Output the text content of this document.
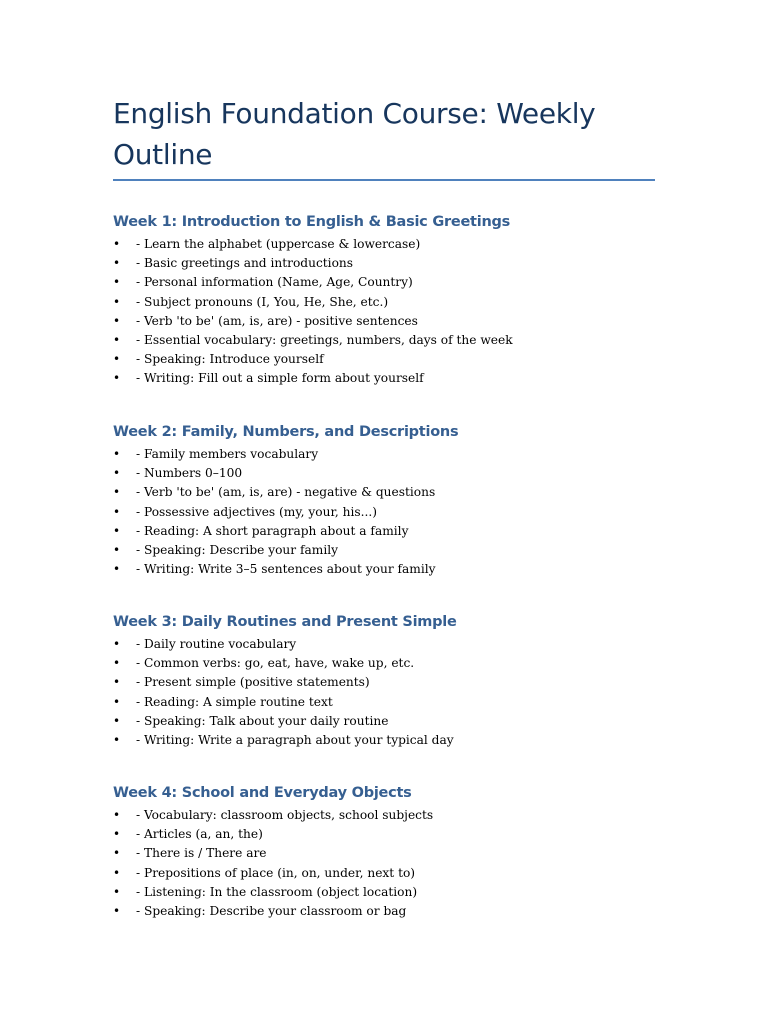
English Foundation Course: Weekly Outline
Week 1: Introduction to English & Basic Greetings
• - Learn the alphabet (uppercase & lowercase)
• - Basic greetings and introductions
• - Personal information (Name, Age, Country)
• - Subject pronouns (I, You, He, She, etc.)
• - Verb 'to be' (am, is, are) - positive sentences
• - Essential vocabulary: greetings, numbers, days of the week
• - Speaking: Introduce yourself
• - Writing: Fill out a simple form about yourself
Week 2: Family, Numbers, and Descriptions
• - Family members vocabulary
• - Numbers 0–100
• - Verb 'to be' (am, is, are) - negative & questions
• - Possessive adjectives (my, your, his...)
• - Reading: A short paragraph about a family
• - Speaking: Describe your family
• - Writing: Write 3–5 sentences about your family
Week 3: Daily Routines and Present Simple
• - Daily routine vocabulary
• - Common verbs: go, eat, have, wake up, etc.
• - Present simple (positive statements)
• - Reading: A simple routine text
• - Speaking: Talk about your daily routine
• - Writing: Write a paragraph about your typical day
Week 4: School and Everyday Objects
• - Vocabulary: classroom objects, school subjects
• - Articles (a, an, the)
• - There is / There are
• - Prepositions of place (in, on, under, next to)
• - Listening: In the classroom (object location)
• - Speaking: Describe your classroom or bag
